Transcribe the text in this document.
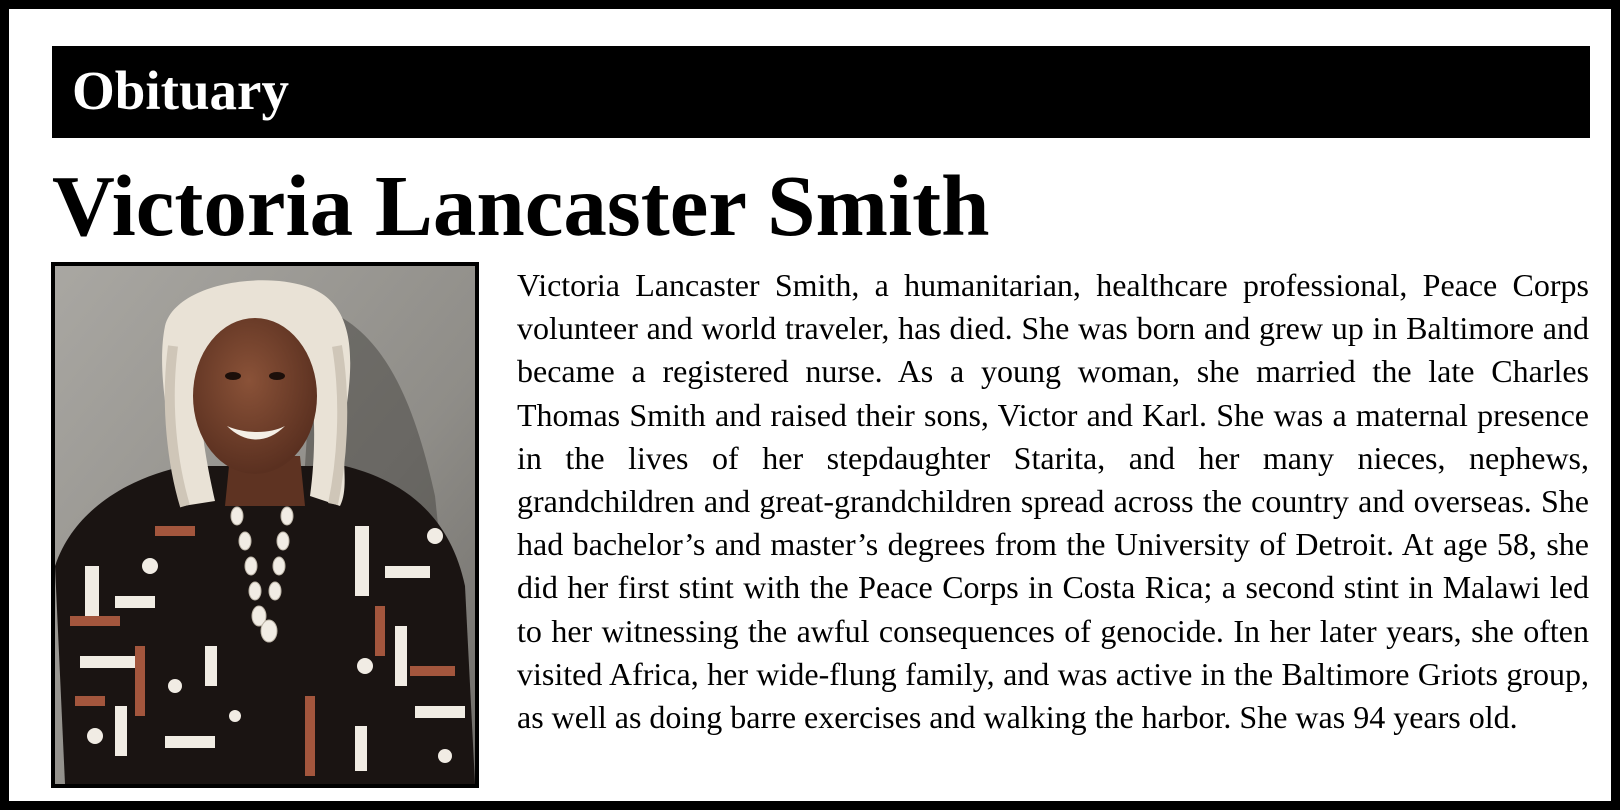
Obituary
Victoria Lancaster Smith

Victoria Lancaster Smith, a humanitarian, healthcare professional, Peace Corps volunteer and world traveler, has died. She was born and grew up in Baltimore and became a registered nurse. As a young woman, she married the late Charles Thomas Smith and raised their sons, Victor and Karl. She was a maternal presence in the lives of her stepdaughter Starita, and her many nieces, nephews, grandchildren and great-grandchildren spread across the country and overseas. She had bachelor’s and master’s degrees from the University of Detroit. At age 58, she did her first stint with the Peace Corps in Costa Rica; a second stint in Malawi led to her witnessing the awful consequences of genocide. In her later years, she often visited Africa, her wide-flung family, and was active in the Baltimore Griots group, as well as doing barre exercises and walking the harbor. She was 94 years old.
